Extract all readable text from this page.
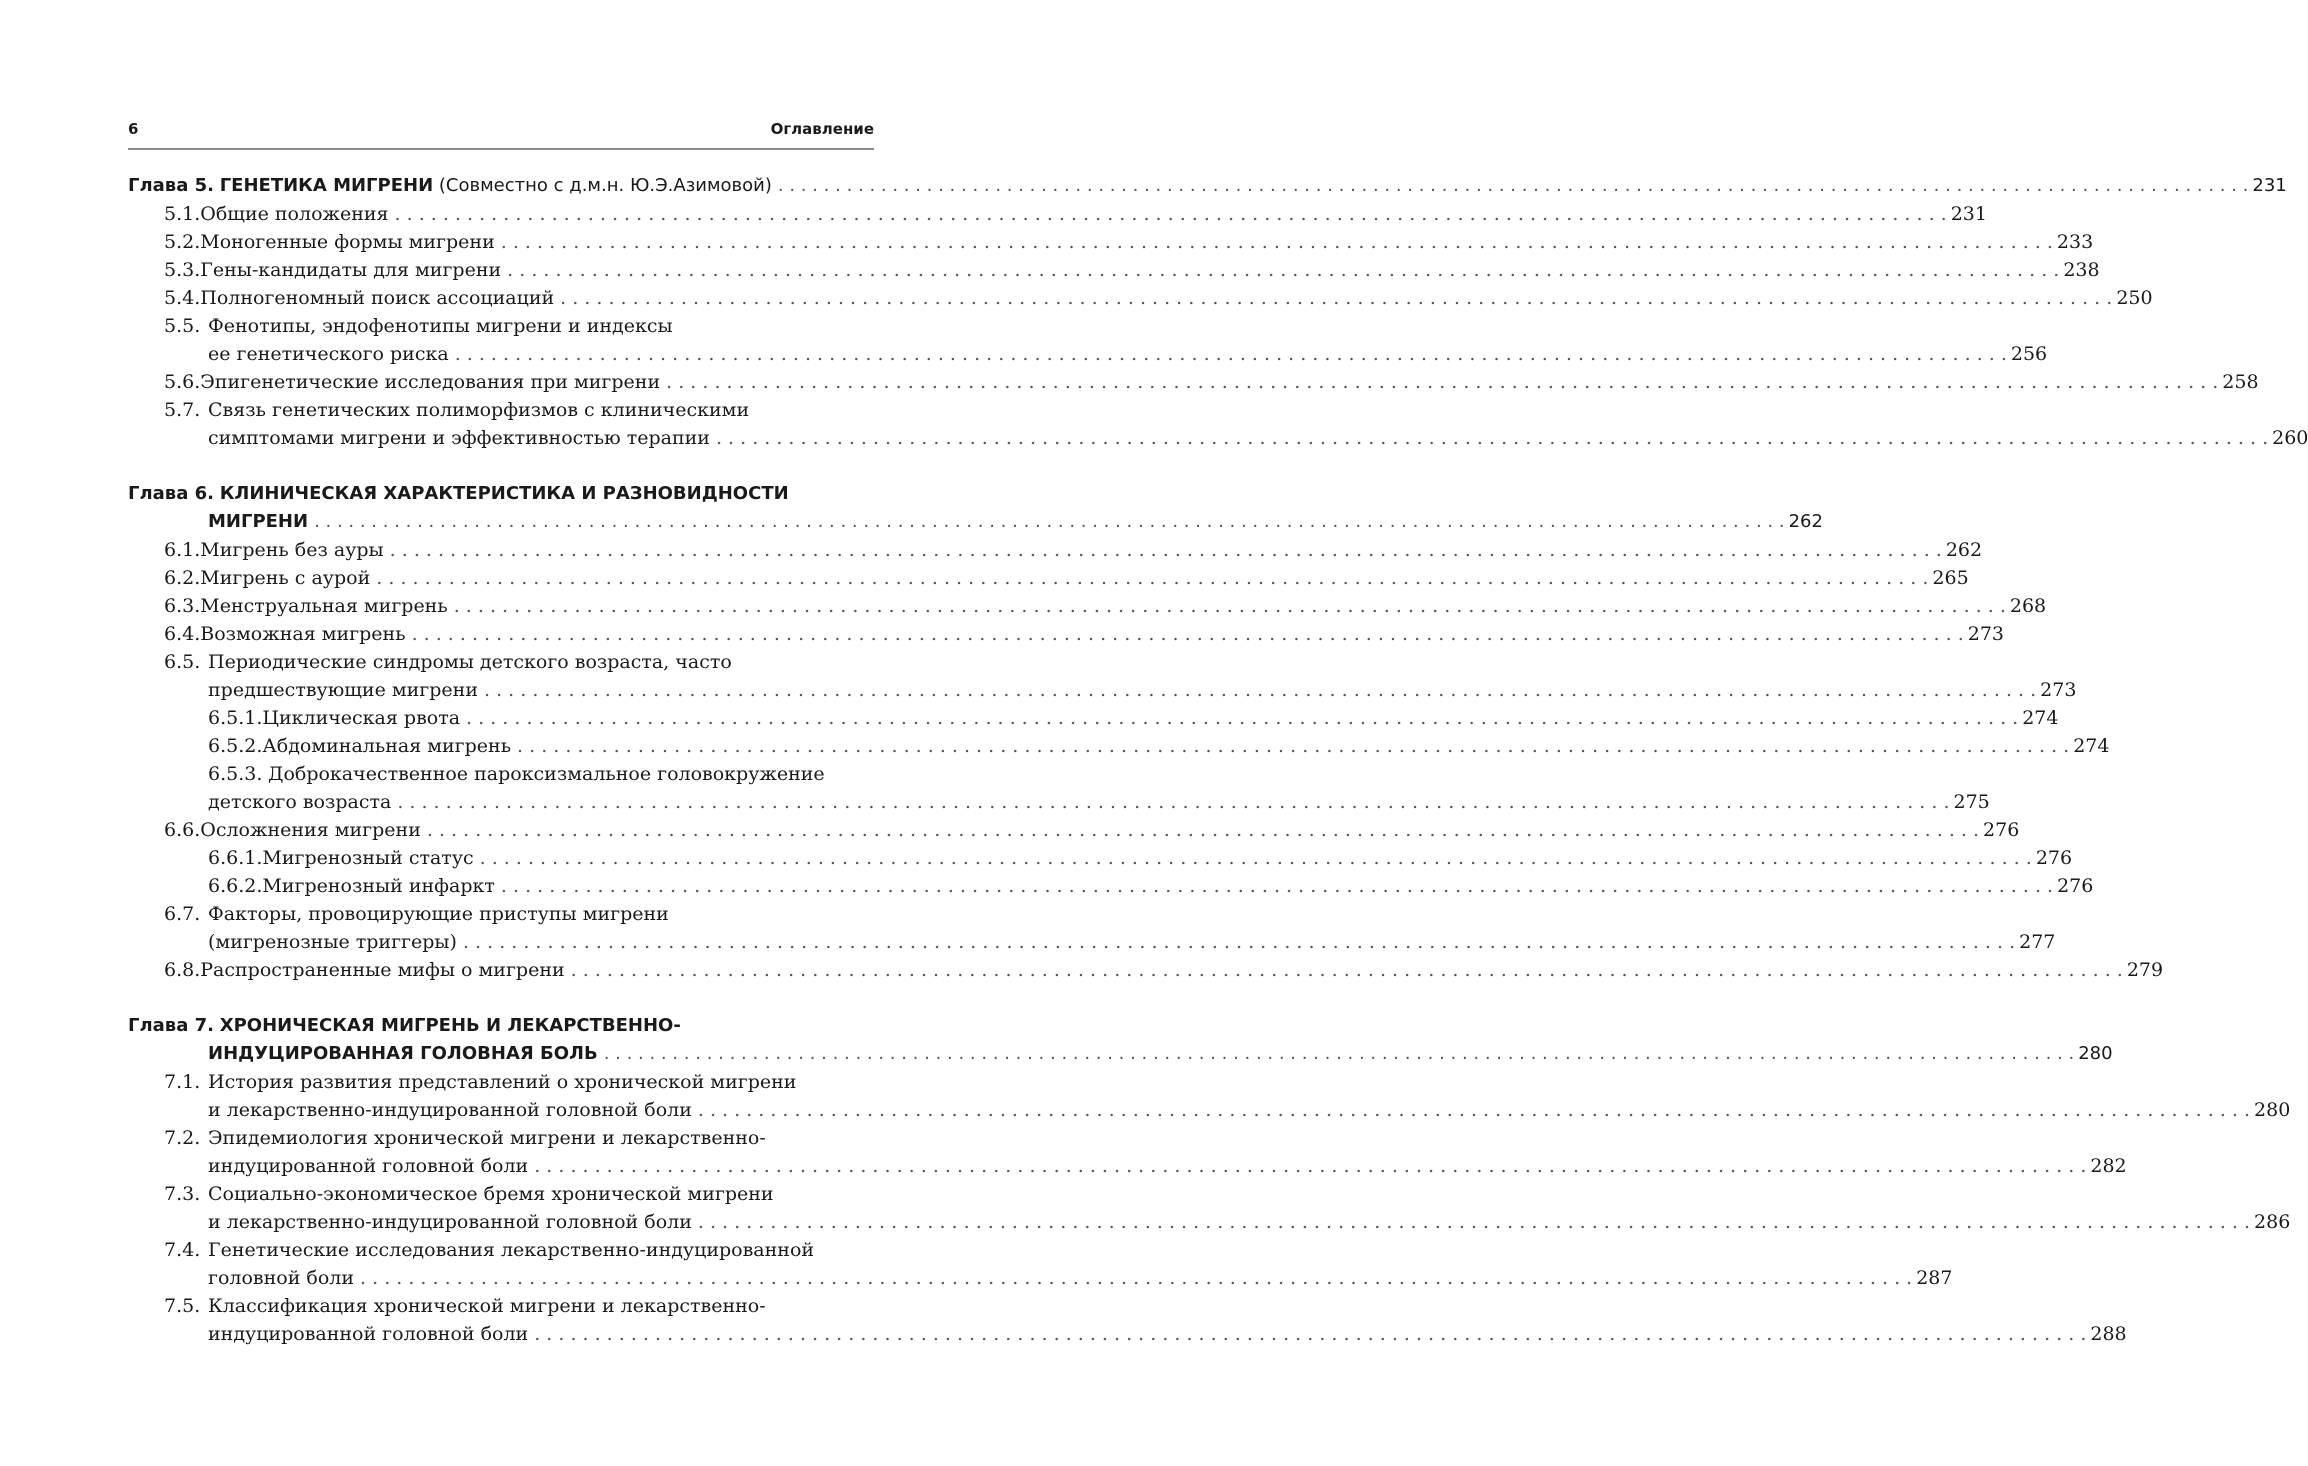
6	Оглавление
Глава 5.
ГЕНЕТИКА МИГРЕНИ
(Совместно с д.м.н. Ю.Э.Азимовой) . . . . . . . . . . . . . . . . . . . . . . . . . . . . . . . . . . . . . . . . . . . . . . . . . . . . . . . . . . . . . . . . . . . . . . . . . . . . . . . . . . . . . . . . . . . . . . . . . . . . . . . . . . . . . . . . . . . . . . . . . . . . . . . . . 231
5.1. Общие положения . . . . . . . . . . . . . . . . . . . . . . . . . . . . . . . . . . . . . . . . . . . . . . . . . . . . . . . . . . . . . . . . . . . . . . . . . . . . . . . . . . . . . . . . . . . . . . . . . . . . . . . . . . . . . . . . . . . . . . . . . . . . . . . . . 231
5.2. Моногенные формы мигрени . . . . . . . . . . . . . . . . . . . . . . . . . . . . . . . . . . . . . . . . . . . . . . . . . . . . . . . . . . . . . . . . . . . . . . . . . . . . . . . . . . . . . . . . . . . . . . . . . . . . . . . . . . . . . . . . . . . . . . . . . . . . . . . . . 233
5.3. Гены-кандидаты для мигрени . . . . . . . . . . . . . . . . . . . . . . . . . . . . . . . . . . . . . . . . . . . . . . . . . . . . . . . . . . . . . . . . . . . . . . . . . . . . . . . . . . . . . . . . . . . . . . . . . . . . . . . . . . . . . . . . . . . . . . . . . . . . . . . . . 238
5.4. Полногеномный поиск ассоциаций . . . . . . . . . . . . . . . . . . . . . . . . . . . . . . . . . . . . . . . . . . . . . . . . . . . . . . . . . . . . . . . . . . . . . . . . . . . . . . . . . . . . . . . . . . . . . . . . . . . . . . . . . . . . . . . . . . . . . . . . . . . . . . . . . 250
5.5. Фенотипы, эндофенотипы мигрени и индексы
ее генетического риска . . . . . . . . . . . . . . . . . . . . . . . . . . . . . . . . . . . . . . . . . . . . . . . . . . . . . . . . . . . . . . . . . . . . . . . . . . . . . . . . . . . . . . . . . . . . . . . . . . . . . . . . . . . . . . . . . . . . . . . . . . . . . . . . . 256
5.6. Эпигенетические исследования при мигрени . . . . . . . . . . . . . . . . . . . . . . . . . . . . . . . . . . . . . . . . . . . . . . . . . . . . . . . . . . . . . . . . . . . . . . . . . . . . . . . . . . . . . . . . . . . . . . . . . . . . . . . . . . . . . . . . . . . . . . . . . . . . . . . . . 258
5.7. Связь генетических полиморфизмов с клиническими
симптомами мигрени и эффективностью терапии . . . . . . . . . . . . . . . . . . . . . . . . . . . . . . . . . . . . . . . . . . . . . . . . . . . . . . . . . . . . . . . . . . . . . . . . . . . . . . . . . . . . . . . . . . . . . . . . . . . . . . . . . . . . . . . . . . . . . . . . . . . . . . . . . 260
Глава 6. КЛИНИЧЕСКАЯ ХАРАКТЕРИСТИКА И РАЗНОВИДНОСТИ
МИГРЕНИ . . . . . . . . . . . . . . . . . . . . . . . . . . . . . . . . . . . . . . . . . . . . . . . . . . . . . . . . . . . . . . . . . . . . . . . . . . . . . . . . . . . . . . . . . . . . . . . . . . . . . . . . . . . . . . . . . . . . . . . . . . . . . . . . . 262
6.1. Мигрень без ауры . . . . . . . . . . . . . . . . . . . . . . . . . . . . . . . . . . . . . . . . . . . . . . . . . . . . . . . . . . . . . . . . . . . . . . . . . . . . . . . . . . . . . . . . . . . . . . . . . . . . . . . . . . . . . . . . . . . . . . . . . . . . . . . . . 262
6.2. Мигрень с аурой . . . . . . . . . . . . . . . . . . . . . . . . . . . . . . . . . . . . . . . . . . . . . . . . . . . . . . . . . . . . . . . . . . . . . . . . . . . . . . . . . . . . . . . . . . . . . . . . . . . . . . . . . . . . . . . . . . . . . . . . . . . . . . . . . 265
6.3. Менструальная мигрень . . . . . . . . . . . . . . . . . . . . . . . . . . . . . . . . . . . . . . . . . . . . . . . . . . . . . . . . . . . . . . . . . . . . . . . . . . . . . . . . . . . . . . . . . . . . . . . . . . . . . . . . . . . . . . . . . . . . . . . . . . . . . . . . . 268
6.4. Возможная мигрень . . . . . . . . . . . . . . . . . . . . . . . . . . . . . . . . . . . . . . . . . . . . . . . . . . . . . . . . . . . . . . . . . . . . . . . . . . . . . . . . . . . . . . . . . . . . . . . . . . . . . . . . . . . . . . . . . . . . . . . . . . . . . . . . . 273
6.5. Периодические синдромы детского возраста, часто
предшествующие мигрени . . . . . . . . . . . . . . . . . . . . . . . . . . . . . . . . . . . . . . . . . . . . . . . . . . . . . . . . . . . . . . . . . . . . . . . . . . . . . . . . . . . . . . . . . . . . . . . . . . . . . . . . . . . . . . . . . . . . . . . . . . . . . . . . . 273
6.5.1. Циклическая рвота . . . . . . . . . . . . . . . . . . . . . . . . . . . . . . . . . . . . . . . . . . . . . . . . . . . . . . . . . . . . . . . . . . . . . . . . . . . . . . . . . . . . . . . . . . . . . . . . . . . . . . . . . . . . . . . . . . . . . . . . . . . . . . . . . 274
6.5.2. Абдоминальная мигрень . . . . . . . . . . . . . . . . . . . . . . . . . . . . . . . . . . . . . . . . . . . . . . . . . . . . . . . . . . . . . . . . . . . . . . . . . . . . . . . . . . . . . . . . . . . . . . . . . . . . . . . . . . . . . . . . . . . . . . . . . . . . . . . . . 274
6.5.3. Доброкачественное пароксизмальное головокружение
детского возраста . . . . . . . . . . . . . . . . . . . . . . . . . . . . . . . . . . . . . . . . . . . . . . . . . . . . . . . . . . . . . . . . . . . . . . . . . . . . . . . . . . . . . . . . . . . . . . . . . . . . . . . . . . . . . . . . . . . . . . . . . . . . . . . . . 275
6.6. Осложнения мигрени . . . . . . . . . . . . . . . . . . . . . . . . . . . . . . . . . . . . . . . . . . . . . . . . . . . . . . . . . . . . . . . . . . . . . . . . . . . . . . . . . . . . . . . . . . . . . . . . . . . . . . . . . . . . . . . . . . . . . . . . . . . . . . . . . 276
6.6.1. Мигренозный статус . . . . . . . . . . . . . . . . . . . . . . . . . . . . . . . . . . . . . . . . . . . . . . . . . . . . . . . . . . . . . . . . . . . . . . . . . . . . . . . . . . . . . . . . . . . . . . . . . . . . . . . . . . . . . . . . . . . . . . . . . . . . . . . . . 276
6.6.2. Мигренозный инфаркт . . . . . . . . . . . . . . . . . . . . . . . . . . . . . . . . . . . . . . . . . . . . . . . . . . . . . . . . . . . . . . . . . . . . . . . . . . . . . . . . . . . . . . . . . . . . . . . . . . . . . . . . . . . . . . . . . . . . . . . . . . . . . . . . . 276
6.7. Факторы, провоцирующие приступы мигрени
(мигренозные триггеры) . . . . . . . . . . . . . . . . . . . . . . . . . . . . . . . . . . . . . . . . . . . . . . . . . . . . . . . . . . . . . . . . . . . . . . . . . . . . . . . . . . . . . . . . . . . . . . . . . . . . . . . . . . . . . . . . . . . . . . . . . . . . . . . . . 277
6.8. Распространенные мифы о мигрени . . . . . . . . . . . . . . . . . . . . . . . . . . . . . . . . . . . . . . . . . . . . . . . . . . . . . . . . . . . . . . . . . . . . . . . . . . . . . . . . . . . . . . . . . . . . . . . . . . . . . . . . . . . . . . . . . . . . . . . . . . . . . . . . . 279
Глава 7. ХРОНИЧЕСКАЯ МИГРЕНЬ И ЛЕКАРСТВЕННО-
ИНДУЦИРОВАННАЯ ГОЛОВНАЯ БОЛЬ . . . . . . . . . . . . . . . . . . . . . . . . . . . . . . . . . . . . . . . . . . . . . . . . . . . . . . . . . . . . . . . . . . . . . . . . . . . . . . . . . . . . . . . . . . . . . . . . . . . . . . . . . . . . . . . . . . . . . . . . . . . . . . . . . 280
7.1. История развития представлений о хронической мигрени
и лекарственно-индуцированной головной боли . . . . . . . . . . . . . . . . . . . . . . . . . . . . . . . . . . . . . . . . . . . . . . . . . . . . . . . . . . . . . . . . . . . . . . . . . . . . . . . . . . . . . . . . . . . . . . . . . . . . . . . . . . . . . . . . . . . . . . . . . . . . . . . . . 280
7.2. Эпидемиология хронической мигрени и лекарственно-
индуцированной головной боли . . . . . . . . . . . . . . . . . . . . . . . . . . . . . . . . . . . . . . . . . . . . . . . . . . . . . . . . . . . . . . . . . . . . . . . . . . . . . . . . . . . . . . . . . . . . . . . . . . . . . . . . . . . . . . . . . . . . . . . . . . . . . . . . . 282
7.3. Социально-экономическое бремя хронической мигрени
и лекарственно-индуцированной головной боли . . . . . . . . . . . . . . . . . . . . . . . . . . . . . . . . . . . . . . . . . . . . . . . . . . . . . . . . . . . . . . . . . . . . . . . . . . . . . . . . . . . . . . . . . . . . . . . . . . . . . . . . . . . . . . . . . . . . . . . . . . . . . . . . . 286
7.4. Генетические исследования лекарственно-индуцированной
головной боли . . . . . . . . . . . . . . . . . . . . . . . . . . . . . . . . . . . . . . . . . . . . . . . . . . . . . . . . . . . . . . . . . . . . . . . . . . . . . . . . . . . . . . . . . . . . . . . . . . . . . . . . . . . . . . . . . . . . . . . . . . . . . . . . . 287
7.5. Классификация хронической мигрени и лекарственно-
индуцированной головной боли . . . . . . . . . . . . . . . . . . . . . . . . . . . . . . . . . . . . . . . . . . . . . . . . . . . . . . . . . . . . . . . . . . . . . . . . . . . . . . . . . . . . . . . . . . . . . . . . . . . . . . . . . . . . . . . . . . . . . . . . . . . . . . . . . 288
